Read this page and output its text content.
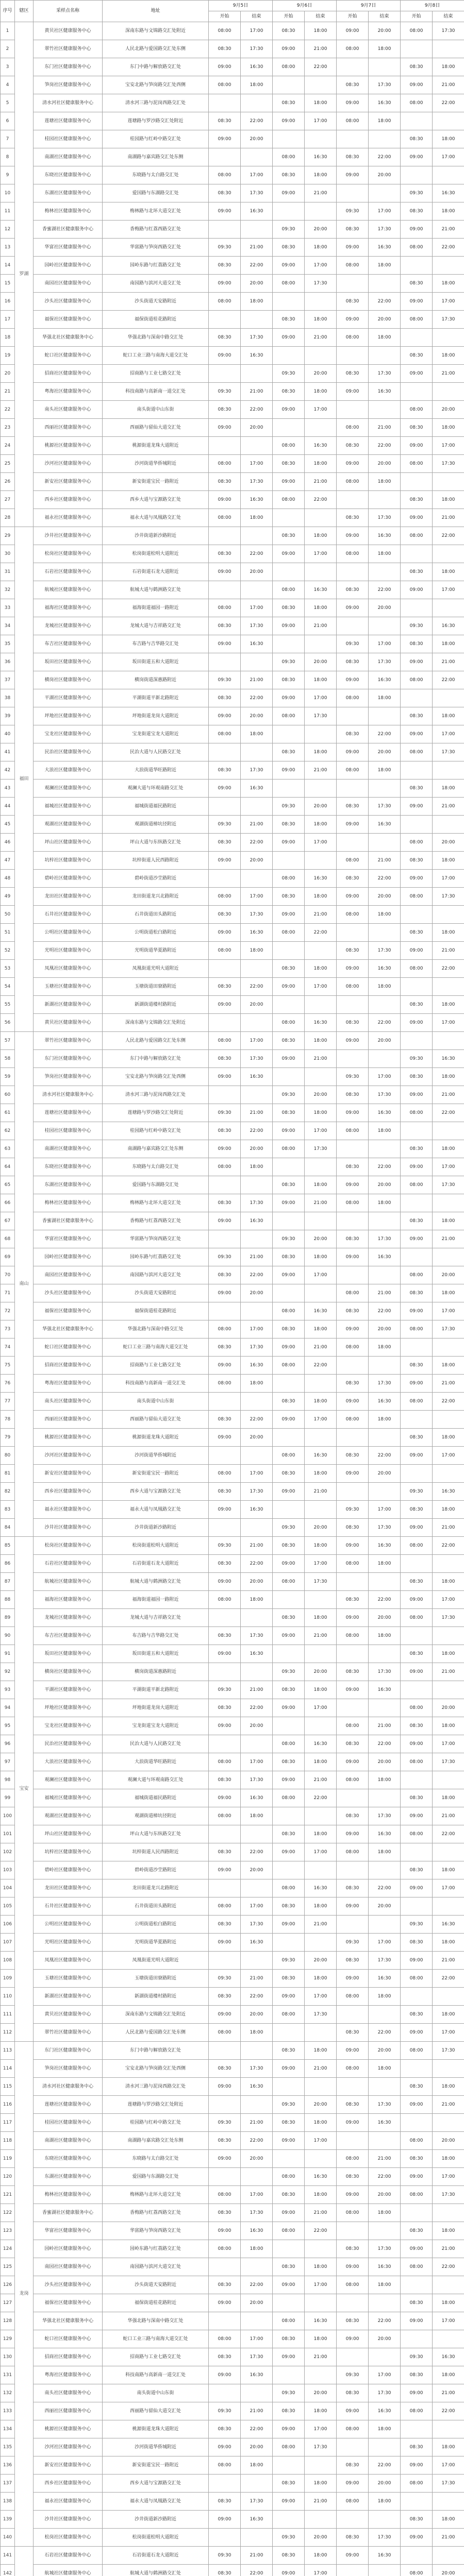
序号	辖区	采样点名称	地址	9月5日		9月6日		9月7日		9月8日	
				开始	结束	开始	结束	开始	结束	开始	结束
1	罗湖	黄贝社区健康服务中心	深南东路与文锦路交汇处附近	08:00	17:00	08:30	18:00	09:00	20:00	08:00	17:30
2		翠竹社区健康服务中心	人民北路与爱国路交汇处东侧	08:30	17:30	09:00	21:00	08:00	18:00		
3		东门社区健康服务中心	东门中路与解放路交汇处	09:00	16:30	08:00	22:00			08:30	18:00
4		笋岗社区健康服务中心	宝安北路与笋岗路交汇处西侧	08:00	18:00			08:30	17:30	09:00	21:00
5		清水河社区健康服务中心	清水河三路与泥岗西路交汇处			08:30	18:00	09:00	16:30	08:00	22:00
6		莲塘社区健康服务中心	莲塘路与罗沙路交汇处附近	08:30	22:00	09:00	17:00	08:00	18:00		
7		桂园社区健康服务中心	桂园路与红岭中路交汇处	09:00	20:00					08:30	18:00
8		南湖社区健康服务中心	南湖路与嘉宾路交汇处东侧			08:00	16:30	08:30	22:00	09:00	17:00
9		东晓社区健康服务中心	东晓路与太白路交汇处	08:00	17:00	08:30	18:00	09:00	20:00		
10		东湖社区健康服务中心	爱国路与东湖路交汇处	08:30	17:30	09:00	21:00			09:30	16:30
11		梅林社区健康服务中心	梅林路与北环大道交汇处	09:00	16:30			09:30	17:00	08:30	18:00
12		香蜜湖社区健康服务中心	香梅路与红荔西路交汇处			09:30	20:00	08:30	17:30	09:00	21:00
13		华富社区健康服务中心	华富路与笋岗西路交汇处	09:30	21:00	08:30	18:00	09:00	16:30	08:00	22:00
14		园岭社区健康服务中心	园岭东路与红荔路交汇处	08:30	22:00	09:00	17:00	08:00	18:00		
15		南园社区健康服务中心	南园路与滨河大道交汇处	09:00	20:00	08:00	17:30			08:30	18:00
16		沙头社区健康服务中心	沙头街道天安路附近	08:00	18:00			08:30	22:00	09:00	17:00
17		福保社区健康服务中心	福保街道桂花路附近			08:30	18:00	09:00	20:00	08:00	17:30
18		华强北社区健康服务中心	华强北路与深南中路交汇处	08:30	17:30	09:00	21:00	08:00	18:00		
19		蛇口社区健康服务中心	蛇口工业三路与南海大道交汇处	09:00	16:30					08:30	18:00
20		招商社区健康服务中心	招商路与工业七路交汇处			09:30	20:00	08:30	17:30	09:00	21:00
21		粤海社区健康服务中心	科技南路与高新南一道交汇处	09:30	21:00	08:30	18:00	09:00	16:30		
22		南头社区健康服务中心	南头街道中山东街	08:30	22:00	09:00	17:00			08:00	20:00
23		西丽社区健康服务中心	西丽路与留仙大道交汇处	09:00	20:00			08:00	21:00	08:30	18:00
24		桃源社区健康服务中心	桃源街道龙珠大道附近			08:00	16:30	08:30	22:00	09:00	17:00
25		沙河社区健康服务中心	沙河街道华侨城附近	08:00	17:00	08:30	18:00	09:00	20:00	08:00	17:30
26		新安社区健康服务中心	新安街道宝民一路附近	08:30	17:30	09:00	21:00	08:00	18:00		
27		西乡社区健康服务中心	西乡大道与宝源路交汇处	09:00	16:30	08:00	22:00			08:30	18:00
28		福永社区健康服务中心	福永大道与凤凰路交汇处	08:00	18:00			08:30	17:30	09:00	21:00
29	福田	沙井社区健康服务中心	沙井街道新沙路附近			08:30	18:00	09:00	16:30	08:00	22:00
30		松岗社区健康服务中心	松岗街道松明大道附近	08:30	22:00	09:00	17:00	08:00	18:00		
31		石岩社区健康服务中心	石岩街道石龙大道附近	09:00	20:00					08:30	18:00
32		航城社区健康服务中心	航城大道与鹤洲路交汇处			08:00	16:30	08:30	22:00	09:00	17:00
33		福海社区健康服务中心	福海街道福园一路附近	08:00	17:00	08:30	18:00	09:00	20:00		
34		龙城社区健康服务中心	龙城大道与吉祥路交汇处	08:30	17:30	09:00	21:00			09:30	16:30
35		布吉社区健康服务中心	布吉路与吉华路交汇处	09:00	16:30			09:30	17:00	08:30	18:00
36		坂田社区健康服务中心	坂田街道五和大道附近			09:30	20:00	08:30	17:30	09:00	21:00
37		横岗社区健康服务中心	横岗街道深惠路附近	09:30	21:00	08:30	18:00	09:00	16:30	08:00	22:00
38		平湖社区健康服务中心	平湖街道平新北路附近	08:30	22:00	09:00	17:00	08:00	18:00		
39		坪地社区健康服务中心	坪地街道龙岗大道附近	09:00	20:00	08:00	17:30			08:30	18:00
40		宝龙社区健康服务中心	宝龙街道宝龙大道附近	08:00	18:00			08:30	22:00	09:00	17:00
41		民治社区健康服务中心	民治大道与人民路交汇处			08:30	18:00	09:00	20:00	08:00	17:30
42		大浪社区健康服务中心	大浪街道华旺路附近	08:30	17:30	09:00	21:00	08:00	18:00		
43		观澜社区健康服务中心	观澜大道与环观南路交汇处	09:00	16:30					08:30	18:00
44		福城社区健康服务中心	福城街道福民路附近			09:30	20:00	08:30	17:30	09:00	21:00
45		观湖社区健康服务中心	观湖街道樟坑径附近	09:30	21:00	08:30	18:00	09:00	16:30		
46		坪山社区健康服务中心	坪山大道与东纵路交汇处	08:30	22:00	09:00	17:00			08:00	20:00
47		坑梓社区健康服务中心	坑梓街道人民西路附近	09:00	20:00			08:00	21:00	08:30	18:00
48		碧岭社区健康服务中心	碧岭街道沙坣路附近			08:00	16:30	08:30	22:00	09:00	17:00
49		龙田社区健康服务中心	龙田街道龙兴北路附近	08:00	17:00	08:30	18:00	09:00	20:00	08:00	17:30
50		石井社区健康服务中心	石井街道田头路附近	08:30	17:30	09:00	21:00	08:00	18:00		
51		公明社区健康服务中心	公明街道松白路附近	09:00	16:30	08:00	22:00			08:30	18:00
52		光明社区健康服务中心	光明街道华夏路附近	08:00	18:00			08:30	17:30	09:00	21:00
53		凤凰社区健康服务中心	凤凰街道光明大道附近			08:30	18:00	09:00	16:30	08:00	22:00
54		玉塘社区健康服务中心	玉塘街道田寮路附近	08:30	22:00	09:00	17:00	08:00	18:00		
55		新湖社区健康服务中心	新湖街道楼村路附近	09:00	20:00					08:30	18:00
56		黄贝社区健康服务中心	深南东路与文锦路交汇处附近			08:00	16:30	08:30	22:00	09:00	17:00
57	南山	翠竹社区健康服务中心	人民北路与爱国路交汇处东侧	08:00	17:00	08:30	18:00	09:00	20:00		
58		东门社区健康服务中心	东门中路与解放路交汇处	08:30	17:30	09:00	21:00			09:30	16:30
59		笋岗社区健康服务中心	宝安北路与笋岗路交汇处西侧	09:00	16:30			09:30	17:00	08:30	18:00
60		清水河社区健康服务中心	清水河三路与泥岗西路交汇处			09:30	20:00	08:30	17:30	09:00	21:00
61		莲塘社区健康服务中心	莲塘路与罗沙路交汇处附近	09:30	21:00	08:30	18:00	09:00	16:30	08:00	22:00
62		桂园社区健康服务中心	桂园路与红岭中路交汇处	08:30	22:00	09:00	17:00	08:00	18:00		
63		南湖社区健康服务中心	南湖路与嘉宾路交汇处东侧	09:00	20:00	08:00	17:30			08:30	18:00
64		东晓社区健康服务中心	东晓路与太白路交汇处	08:00	18:00			08:30	22:00	09:00	17:00
65		东湖社区健康服务中心	爱国路与东湖路交汇处			08:30	18:00	09:00	20:00	08:00	17:30
66		梅林社区健康服务中心	梅林路与北环大道交汇处	08:30	17:30	09:00	21:00	08:00	18:00		
67		香蜜湖社区健康服务中心	香梅路与红荔西路交汇处	09:00	16:30					08:30	18:00
68		华富社区健康服务中心	华富路与笋岗西路交汇处			09:30	20:00	08:30	17:30	09:00	21:00
69		园岭社区健康服务中心	园岭东路与红荔路交汇处	09:30	21:00	08:30	18:00	09:00	16:30		
70		南园社区健康服务中心	南园路与滨河大道交汇处	08:30	22:00	09:00	17:00			08:00	20:00
71		沙头社区健康服务中心	沙头街道天安路附近	09:00	20:00			08:00	21:00	08:30	18:00
72		福保社区健康服务中心	福保街道桂花路附近			08:00	16:30	08:30	22:00	09:00	17:00
73		华强北社区健康服务中心	华强北路与深南中路交汇处	08:00	17:00	08:30	18:00	09:00	20:00	08:00	17:30
74		蛇口社区健康服务中心	蛇口工业三路与南海大道交汇处	08:30	17:30	09:00	21:00	08:00	18:00		
75		招商社区健康服务中心	招商路与工业七路交汇处	09:00	16:30	08:00	22:00			08:30	18:00
76		粤海社区健康服务中心	科技南路与高新南一道交汇处	08:00	18:00			08:30	17:30	09:00	21:00
77		南头社区健康服务中心	南头街道中山东街			08:30	18:00	09:00	16:30	08:00	22:00
78		西丽社区健康服务中心	西丽路与留仙大道交汇处	08:30	22:00	09:00	17:00	08:00	18:00		
79		桃源社区健康服务中心	桃源街道龙珠大道附近	09:00	20:00					08:30	18:00
80		沙河社区健康服务中心	沙河街道华侨城附近			08:00	16:30	08:30	22:00	09:00	17:00
81		新安社区健康服务中心	新安街道宝民一路附近	08:00	17:00	08:30	18:00	09:00	20:00		
82		西乡社区健康服务中心	西乡大道与宝源路交汇处	08:30	17:30	09:00	21:00			09:30	16:30
83		福永社区健康服务中心	福永大道与凤凰路交汇处	09:00	16:30			09:30	17:00	08:30	18:00
84		沙井社区健康服务中心	沙井街道新沙路附近			09:30	20:00	08:30	17:30	09:00	21:00
85	宝安	松岗社区健康服务中心	松岗街道松明大道附近	09:30	21:00	08:30	18:00	09:00	16:30	08:00	22:00
86		石岩社区健康服务中心	石岩街道石龙大道附近	08:30	22:00	09:00	17:00	08:00	18:00		
87		航城社区健康服务中心	航城大道与鹤洲路交汇处	09:00	20:00	08:00	17:30			08:30	18:00
88		福海社区健康服务中心	福海街道福园一路附近	08:00	18:00			08:30	22:00	09:00	17:00
89		龙城社区健康服务中心	龙城大道与吉祥路交汇处			08:30	18:00	09:00	20:00	08:00	17:30
90		布吉社区健康服务中心	布吉路与吉华路交汇处	08:30	17:30	09:00	21:00	08:00	18:00		
91		坂田社区健康服务中心	坂田街道五和大道附近	09:00	16:30					08:30	18:00
92		横岗社区健康服务中心	横岗街道深惠路附近			09:30	20:00	08:30	17:30	09:00	21:00
93		平湖社区健康服务中心	平湖街道平新北路附近	09:30	21:00	08:30	18:00	09:00	16:30		
94		坪地社区健康服务中心	坪地街道龙岗大道附近	08:30	22:00	09:00	17:00			08:00	20:00
95		宝龙社区健康服务中心	宝龙街道宝龙大道附近	09:00	20:00			08:00	21:00	08:30	18:00
96		民治社区健康服务中心	民治大道与人民路交汇处			08:00	16:30	08:30	22:00	09:00	17:00
97		大浪社区健康服务中心	大浪街道华旺路附近	08:00	17:00	08:30	18:00	09:00	20:00	08:00	17:30
98		观澜社区健康服务中心	观澜大道与环观南路交汇处	08:30	17:30	09:00	21:00	08:00	18:00		
99		福城社区健康服务中心	福城街道福民路附近	09:00	16:30	08:00	22:00			08:30	18:00
100		观湖社区健康服务中心	观湖街道樟坑径附近	08:00	18:00			08:30	17:30	09:00	21:00
101		坪山社区健康服务中心	坪山大道与东纵路交汇处			08:30	18:00	09:00	16:30	08:00	22:00
102		坑梓社区健康服务中心	坑梓街道人民西路附近	08:30	22:00	09:00	17:00	08:00	18:00		
103		碧岭社区健康服务中心	碧岭街道沙坣路附近	09:00	20:00					08:30	18:00
104		龙田社区健康服务中心	龙田街道龙兴北路附近			08:00	16:30	08:30	22:00	09:00	17:00
105		石井社区健康服务中心	石井街道田头路附近	08:00	17:00	08:30	18:00	09:00	20:00		
106		公明社区健康服务中心	公明街道松白路附近	08:30	17:30	09:00	21:00			09:30	16:30
107		光明社区健康服务中心	光明街道华夏路附近	09:00	16:30			09:30	17:00	08:30	18:00
108		凤凰社区健康服务中心	凤凰街道光明大道附近			09:30	20:00	08:30	17:30	09:00	21:00
109		玉塘社区健康服务中心	玉塘街道田寮路附近	09:30	21:00	08:30	18:00	09:00	16:30	08:00	22:00
110		新湖社区健康服务中心	新湖街道楼村路附近	08:30	22:00	09:00	17:00	08:00	18:00		
111		黄贝社区健康服务中心	深南东路与文锦路交汇处附近	09:00	20:00	08:00	17:30			08:30	18:00
112		翠竹社区健康服务中心	人民北路与爱国路交汇处东侧	08:00	18:00			08:30	22:00	09:00	17:00
113	龙岗	东门社区健康服务中心	东门中路与解放路交汇处			08:30	18:00	09:00	20:00	08:00	17:30
114		笋岗社区健康服务中心	宝安北路与笋岗路交汇处西侧	08:30	17:30	09:00	21:00	08:00	18:00		
115		清水河社区健康服务中心	清水河三路与泥岗西路交汇处	09:00	16:30					08:30	18:00
116		莲塘社区健康服务中心	莲塘路与罗沙路交汇处附近			09:30	20:00	08:30	17:30	09:00	21:00
117		桂园社区健康服务中心	桂园路与红岭中路交汇处	09:30	21:00	08:30	18:00	09:00	16:30		
118		南湖社区健康服务中心	南湖路与嘉宾路交汇处东侧	08:30	22:00	09:00	17:00			08:00	20:00
119		东晓社区健康服务中心	东晓路与太白路交汇处	09:00	20:00			08:00	21:00	08:30	18:00
120		东湖社区健康服务中心	爱国路与东湖路交汇处			08:00	16:30	08:30	22:00	09:00	17:00
121		梅林社区健康服务中心	梅林路与北环大道交汇处	08:00	17:00	08:30	18:00	09:00	20:00	08:00	17:30
122		香蜜湖社区健康服务中心	香梅路与红荔西路交汇处	08:30	17:30	09:00	21:00	08:00	18:00		
123		华富社区健康服务中心	华富路与笋岗西路交汇处	09:00	16:30	08:00	22:00			08:30	18:00
124		园岭社区健康服务中心	园岭东路与红荔路交汇处	08:00	18:00			08:30	17:30	09:00	21:00
125		南园社区健康服务中心	南园路与滨河大道交汇处			08:30	18:00	09:00	16:30	08:00	22:00
126		沙头社区健康服务中心	沙头街道天安路附近	08:30	22:00	09:00	17:00	08:00	18:00		
127		福保社区健康服务中心	福保街道桂花路附近	09:00	20:00					08:30	18:00
128		华强北社区健康服务中心	华强北路与深南中路交汇处			08:00	16:30	08:30	22:00	09:00	17:00
129		蛇口社区健康服务中心	蛇口工业三路与南海大道交汇处	08:00	17:00	08:30	18:00	09:00	20:00		
130		招商社区健康服务中心	招商路与工业七路交汇处	08:30	17:30	09:00	21:00			09:30	16:30
131		粤海社区健康服务中心	科技南路与高新南一道交汇处	09:00	16:30			09:30	17:00	08:30	18:00
132		南头社区健康服务中心	南头街道中山东街			09:30	20:00	08:30	17:30	09:00	21:00
133		西丽社区健康服务中心	西丽路与留仙大道交汇处	09:30	21:00	08:30	18:00	09:00	16:30	08:00	22:00
134		桃源社区健康服务中心	桃源街道龙珠大道附近	08:30	22:00	09:00	17:00	08:00	18:00		
135		沙河社区健康服务中心	沙河街道华侨城附近	09:00	20:00	08:00	17:30			08:30	18:00
136		新安社区健康服务中心	新安街道宝民一路附近	08:00	18:00			08:30	22:00	09:00	17:00
137		西乡社区健康服务中心	西乡大道与宝源路交汇处			08:30	18:00	09:00	20:00	08:00	17:30
138		福永社区健康服务中心	福永大道与凤凰路交汇处	08:30	17:30	09:00	21:00	08:00	18:00		
139		沙井社区健康服务中心	沙井街道新沙路附近	09:00	16:30					08:30	18:00
140		松岗社区健康服务中心	松岗街道松明大道附近			09:30	20:00	08:30	17:30	09:00	21:00
141		石岩社区健康服务中心	石岩街道石龙大道附近	09:30	21:00	08:30	18:00	09:00	16:30		
142		航城社区健康服务中心	航城大道与鹤洲路交汇处	08:30	22:00	09:00	17:00			08:00	20:00
